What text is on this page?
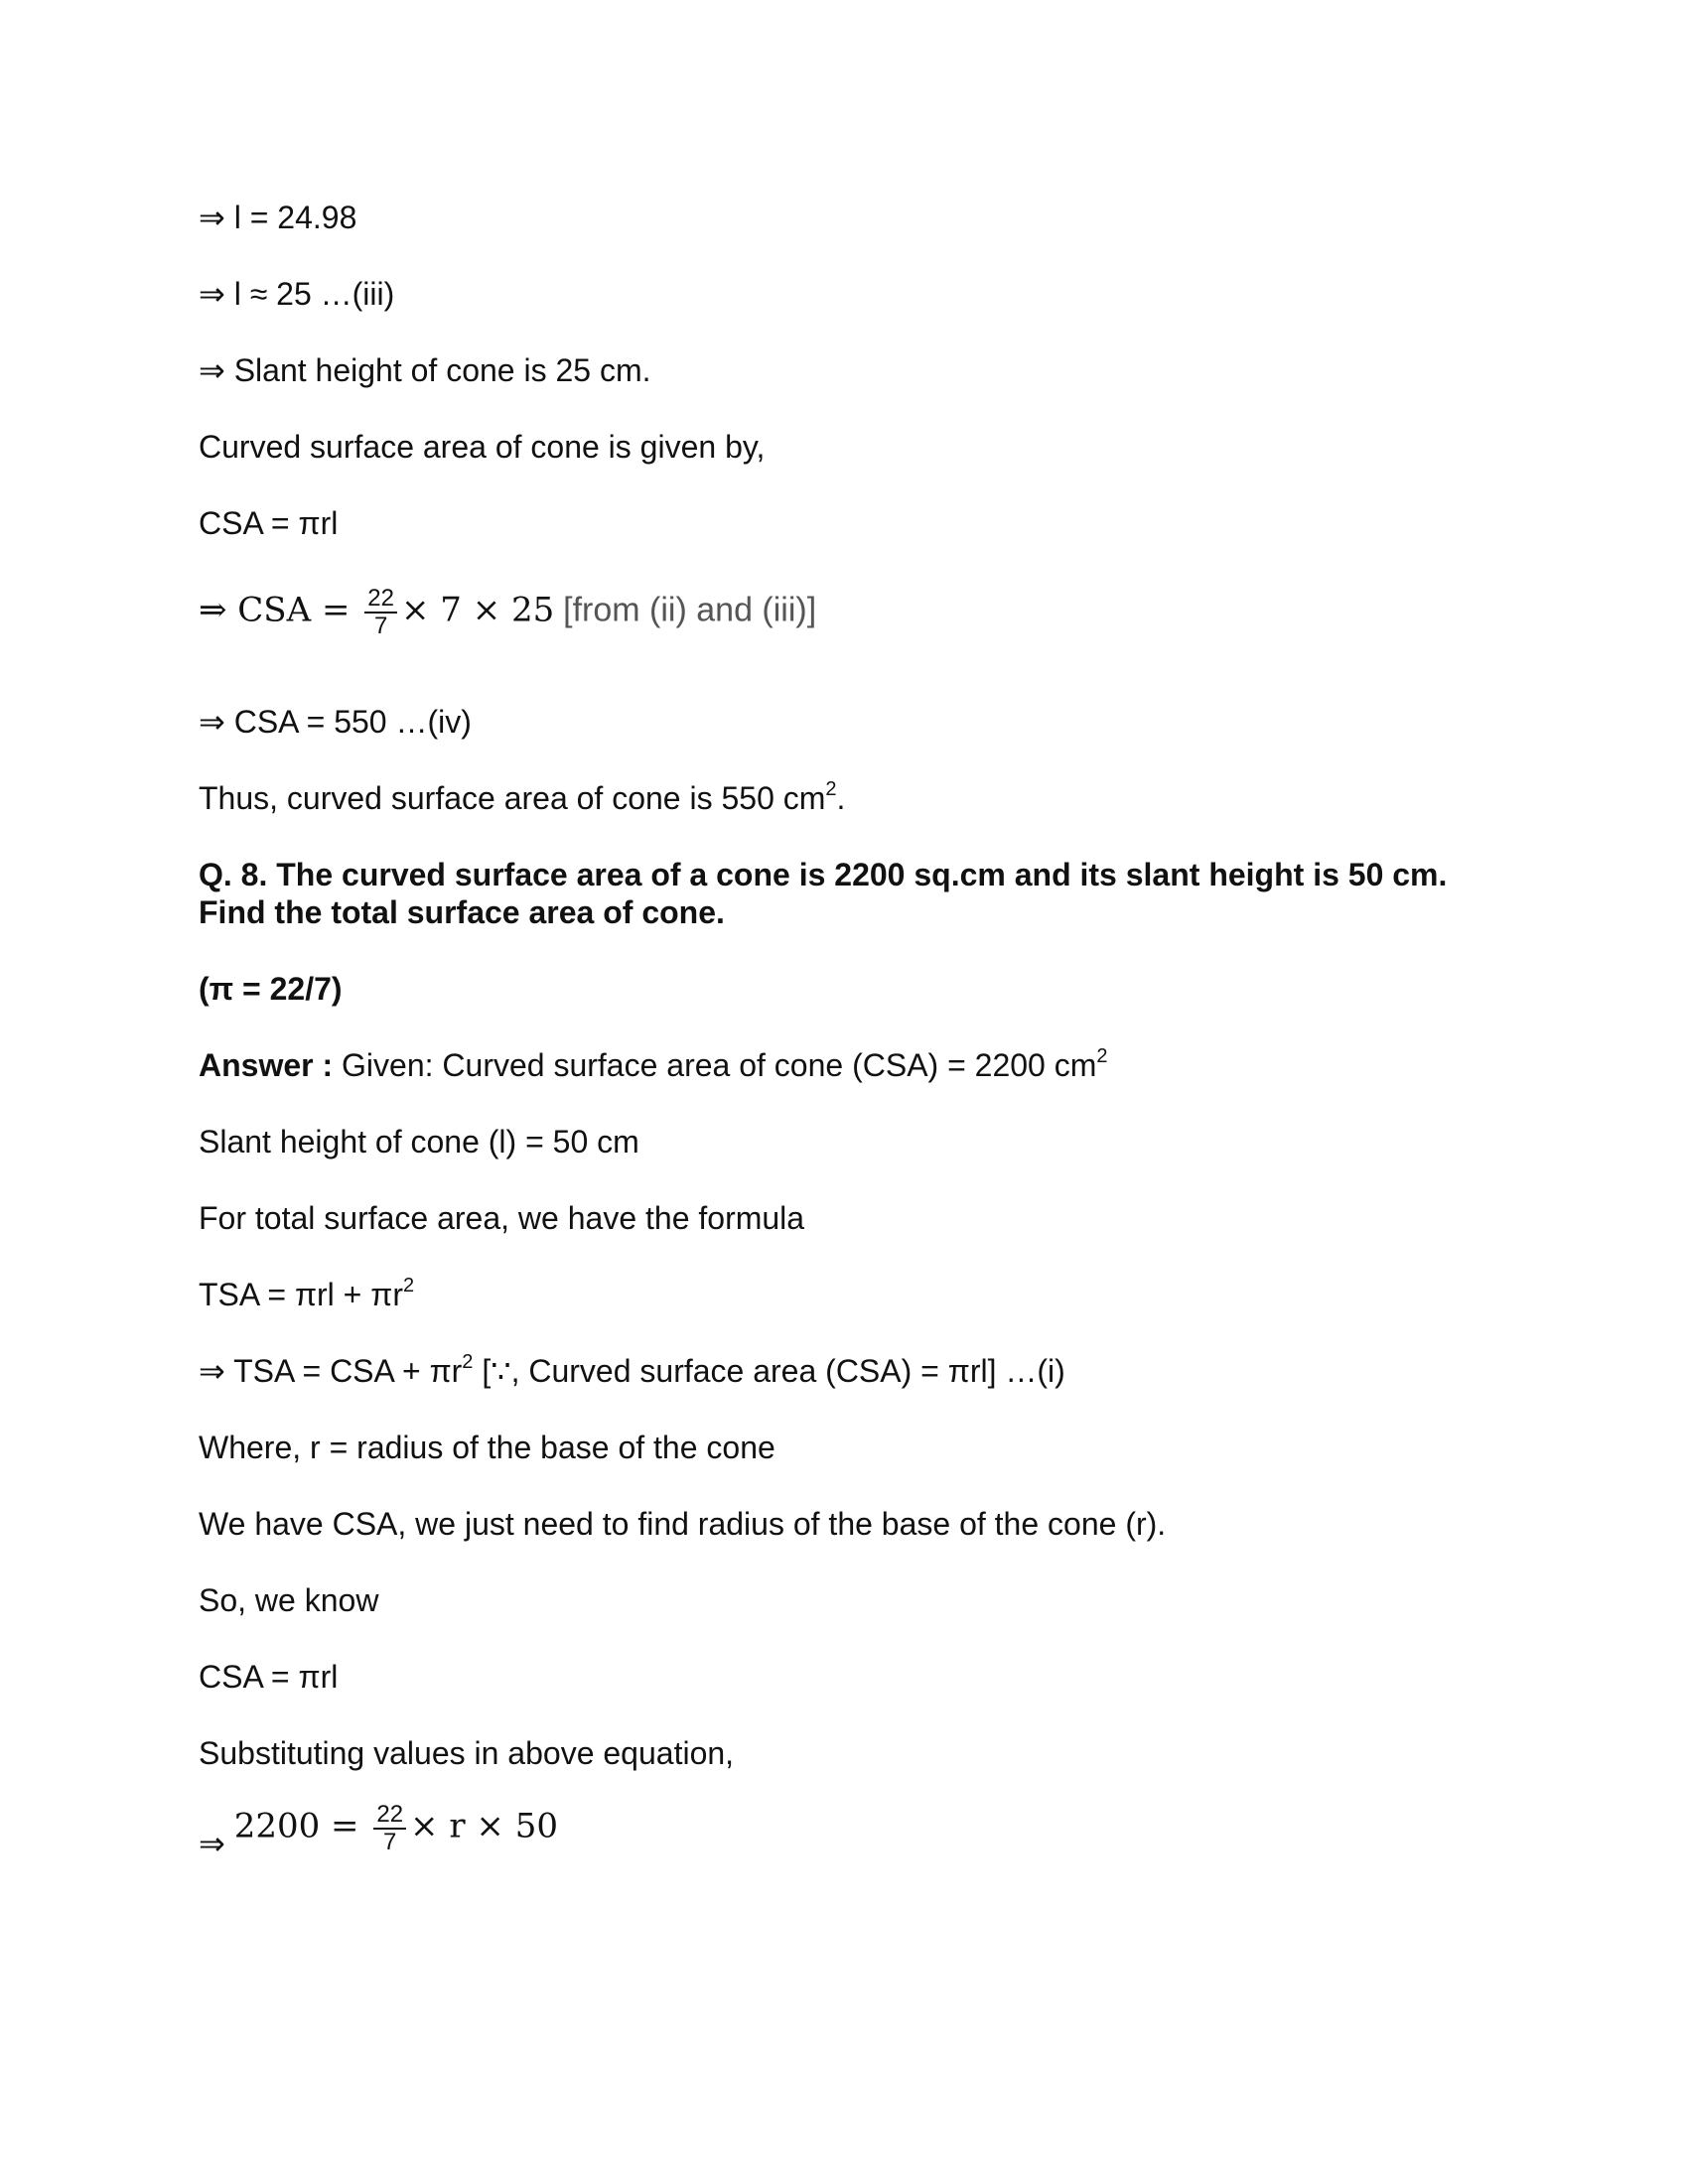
⇒ l = 24.98
⇒ l ≈ 25 …(iii)
⇒ Slant height of cone is 25 cm.
Curved surface area of cone is given by,
CSA = πrl
⇒ CSA = $\frac{22}{7} \times 7 \times 25$ [from (ii) and (iii)]
⇒ CSA = 550 …(iv)
Thus, curved surface area of cone is 550 $cm^2$.
Q. 8. The curved surface area of a cone is 2200 sq.cm and its slant height is 50 cm. Find the total surface area of cone.
(π = 22/7)
Answer : Given: Curved surface area of cone (CSA) = 2200 $cm^2$
Slant height of cone (l) = 50 cm
For total surface area, we have the formula
TSA = $\pi rl + \pi r^2$
⇒ TSA = CSA + $\pi r^2$ [∵, Curved surface area (CSA) = πrl] …(i)
Where, r = radius of the base of the cone
We have CSA, we just need to find radius of the base of the cone (r).
So, we know
CSA = πrl
Substituting values in above equation,
⇒ $2200 = \frac{22}{7} \times r \times 50$
